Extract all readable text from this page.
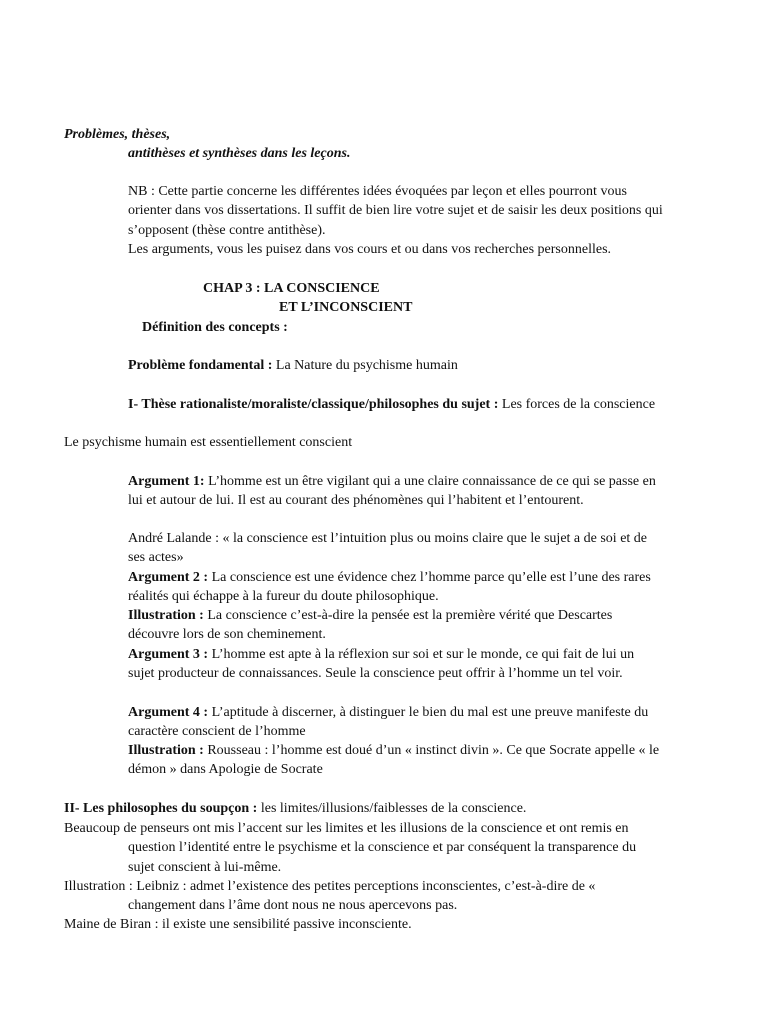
Problèmes, thèses,

antithèses et synthèses dans les leçons.

NB : Cette partie concerne les différentes idées évoquées par leçon et elles pourront vous orienter dans vos dissertations. Il suffit de bien lire votre sujet et de saisir les deux positions qui s’opposent (thèse contre antithèse).

Les arguments, vous les puisez dans vos cours et ou dans vos recherches personnelles.

CHAP 3 : LA CONSCIENCE

ET L’INCONSCIENT

Définition des concepts :

Problème fondamental : La Nature du psychisme humain

I- Thèse rationaliste/moraliste/classique/philosophes du sujet : Les forces de la conscience

Le psychisme humain est essentiellement conscient

Argument 1: L’homme est un être vigilant qui a une claire connaissance de ce qui se passe en lui et autour de lui. Il est au courant des phénomènes qui l’habitent et l’entourent.

André Lalande : « la conscience est l’intuition plus ou moins claire que le sujet a de soi et de ses actes»

Argument 2 : La conscience est une évidence chez l’homme parce qu’elle est l’une des rares réalités qui échappe à la fureur du doute philosophique.

Illustration : La conscience c’est-à-dire la pensée est la première vérité que Descartes découvre lors de son cheminement.

Argument 3 : L’homme est apte à la réflexion sur soi et sur le monde, ce qui fait de lui un sujet producteur de connaissances. Seule la conscience peut offrir à l’homme un tel voir.

Argument 4 : L’aptitude à discerner, à distinguer le bien du mal est une preuve manifeste du caractère conscient de l’homme

Illustration : Rousseau : l’homme est doué d’un « instinct divin ». Ce que Socrate appelle « le démon » dans Apologie de Socrate

II- Les philosophes du soupçon : les limites/illusions/faiblesses de la conscience.

Beaucoup de penseurs ont mis l’accent sur les limites et les illusions de la conscience et ont remis en question l’identité entre le psychisme et la conscience et par conséquent la transparence du sujet conscient à lui-même.

Illustration : Leibniz : admet l’existence des petites perceptions inconscientes, c’est-à-dire de « changement dans l’âme dont nous ne nous apercevons pas.

Maine de Biran : il existe une sensibilité passive inconsciente.
